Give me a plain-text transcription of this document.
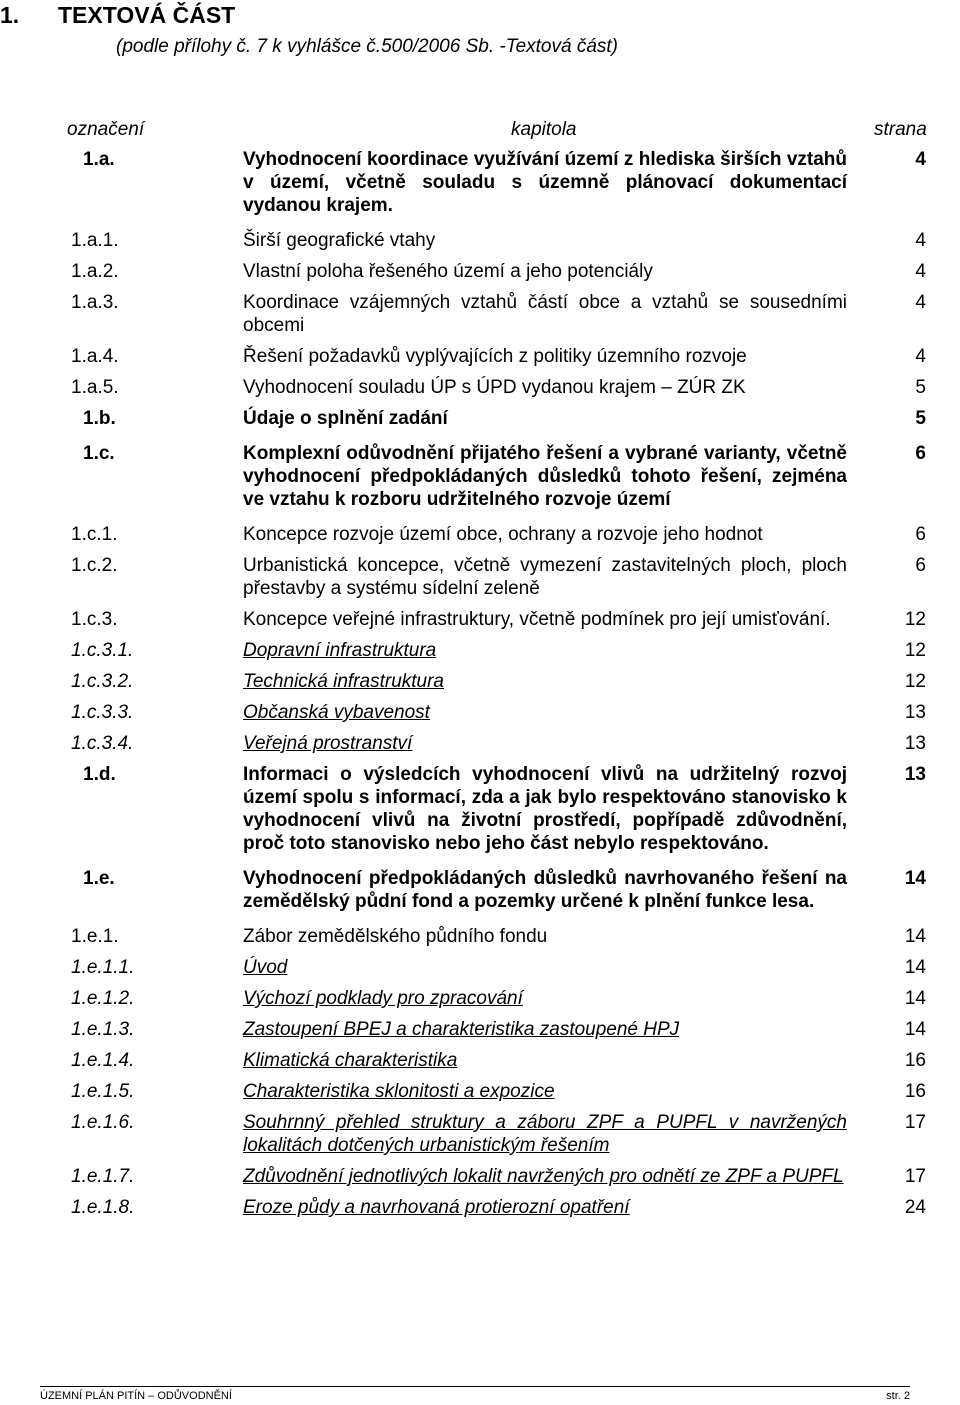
1. TEXTOVÁ ČÁST
(podle přílohy č. 7 k vyhlášce č.500/2006 Sb. -Textová část)
označení	kapitola	strana
1.a.	Vyhodnocení koordinace využívání území z hlediska širších vztahů v území, včetně souladu s územně plánovací dokumentací vydanou krajem.	4
1.a.1.	Širší geografické vtahy	4
1.a.2.	Vlastní poloha řešeného území a jeho potenciály	4
1.a.3.	Koordinace vzájemných vztahů částí obce a vztahů se sousedními obcemi	4
1.a.4.	Řešení požadavků vyplývajících z politiky územního rozvoje	4
1.a.5.	Vyhodnocení souladu ÚP s ÚPD vydanou krajem – ZÚR ZK	5
1.b.	Údaje o splnění zadání	5
1.c.	Komplexní odůvodnění přijatého řešení a vybrané varianty, včetně vyhodnocení předpokládaných důsledků tohoto řešení, zejména ve vztahu k rozboru udržitelného rozvoje území	6
1.c.1.	Koncepce rozvoje území obce, ochrany a rozvoje jeho hodnot	6
1.c.2.	Urbanistická koncepce, včetně vymezení zastavitelných ploch, ploch přestavby a systému sídelní zeleně	6
1.c.3.	Koncepce veřejné infrastruktury, včetně podmínek pro její umisťování.	12
1.c.3.1.	Dopravní infrastruktura	12
1.c.3.2.	Technická infrastruktura	12
1.c.3.3.	Občanská vybavenost	13
1.c.3.4.	Veřejná prostranství	13
1.d.	Informaci o výsledcích vyhodnocení vlivů na udržitelný rozvoj území spolu s informací, zda a jak bylo respektováno stanovisko k vyhodnocení vlivů na životní prostředí, popřípadě zdůvodnění, proč toto stanovisko nebo jeho část nebylo respektováno.	13
1.e.	Vyhodnocení předpokládaných důsledků navrhovaného řešení na zemědělský půdní fond a pozemky určené k plnění funkce lesa.	14
1.e.1.	Zábor zemědělského půdního fondu	14
1.e.1.1.	Úvod	14
1.e.1.2.	Výchozí podklady pro zpracování	14
1.e.1.3.	Zastoupení BPEJ a charakteristika zastoupené HPJ	14
1.e.1.4.	Klimatická charakteristika	16
1.e.1.5.	Charakteristika sklonitosti a expozice	16
1.e.1.6.	Souhrnný přehled struktury a záboru ZPF a PUPFL v navržených lokalitách dotčených urbanistickým řešením	17
1.e.1.7.	Zdůvodnění jednotlivých lokalit navržených pro odnětí ze ZPF a PUPFL	17
1.e.1.8.	Eroze půdy a navrhovaná protierozní opatření	24
ÚZEMNÍ PLÁN PITÍN – ODŮVODNĚNÍ	str. 2
